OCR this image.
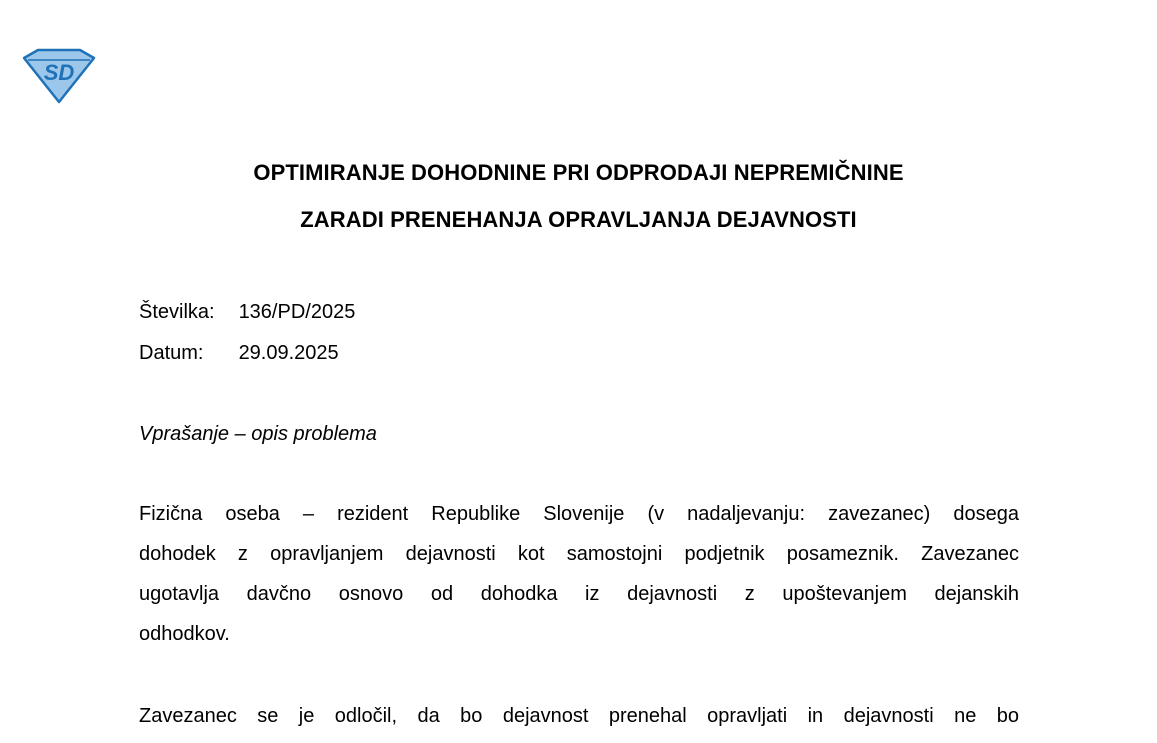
SD
OPTIMIRANJE DOHODNINE PRI ODPRODAJI NEPREMIČNINE
ZARADI PRENEHANJA OPRAVLJANJA DEJAVNOSTI
Številka: 136/PD/2025
Datum: 29.09.2025
Vprašanje – opis problema
Fizična oseba – rezident Republike Slovenije (v nadaljevanju: zavezanec) dosega
dohodek z opravljanjem dejavnosti kot samostojni podjetnik posameznik. Zavezanec
ugotavlja davčno osnovo od dohodka iz dejavnosti z upoštevanjem dejanskih
odhodkov.
Zavezanec se je odločil, da bo dejavnost prenehal opravljati in dejavnosti ne bo
